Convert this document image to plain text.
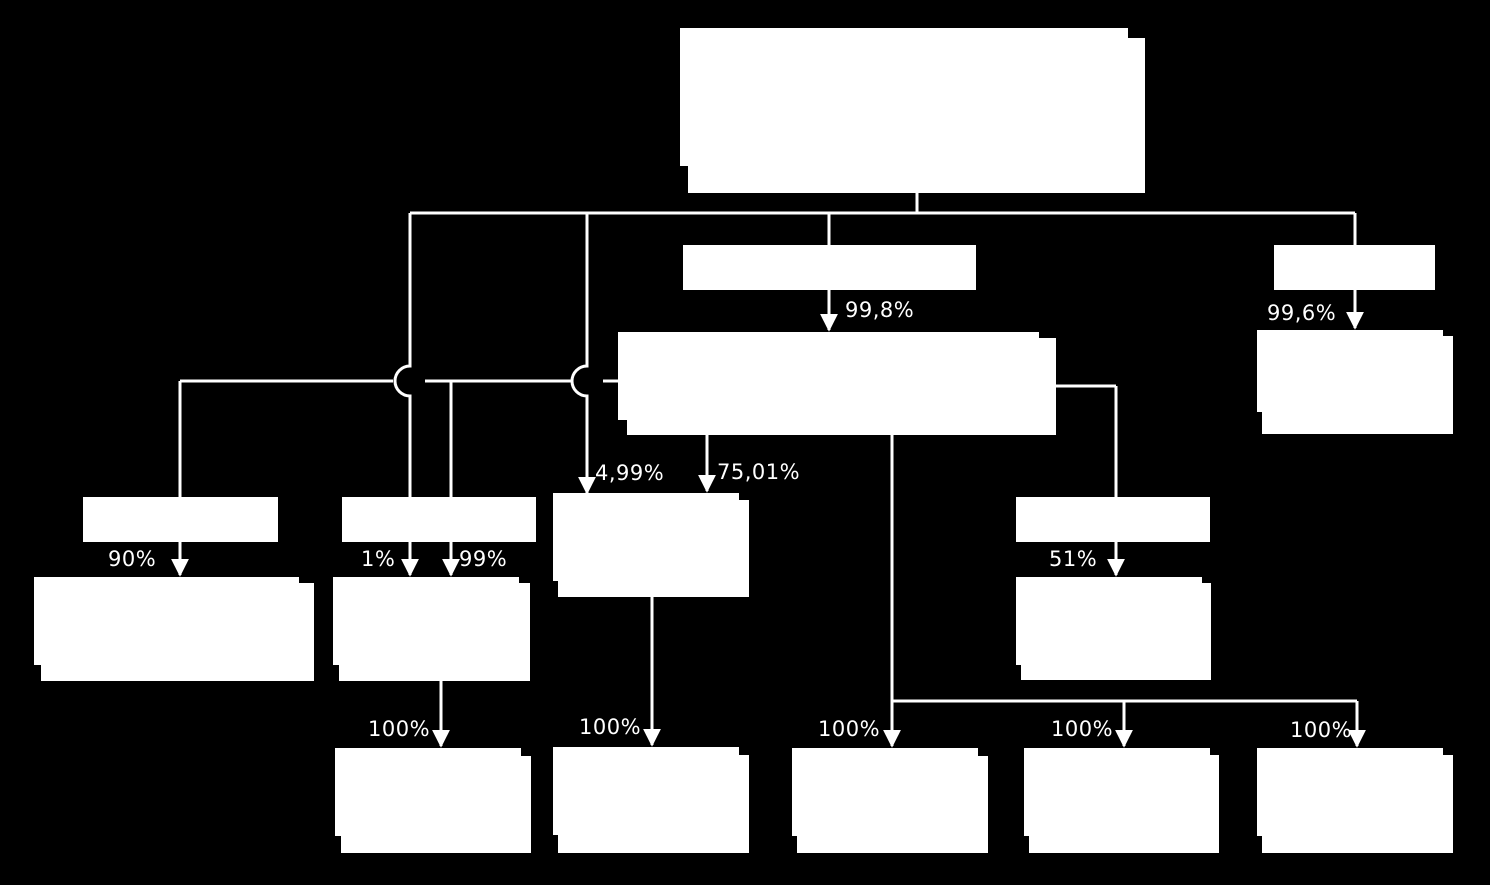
99,8%	99,6%
4,99%	75,01%
90%	1%	99%	51%
100%	100%	100%	100%	100%
